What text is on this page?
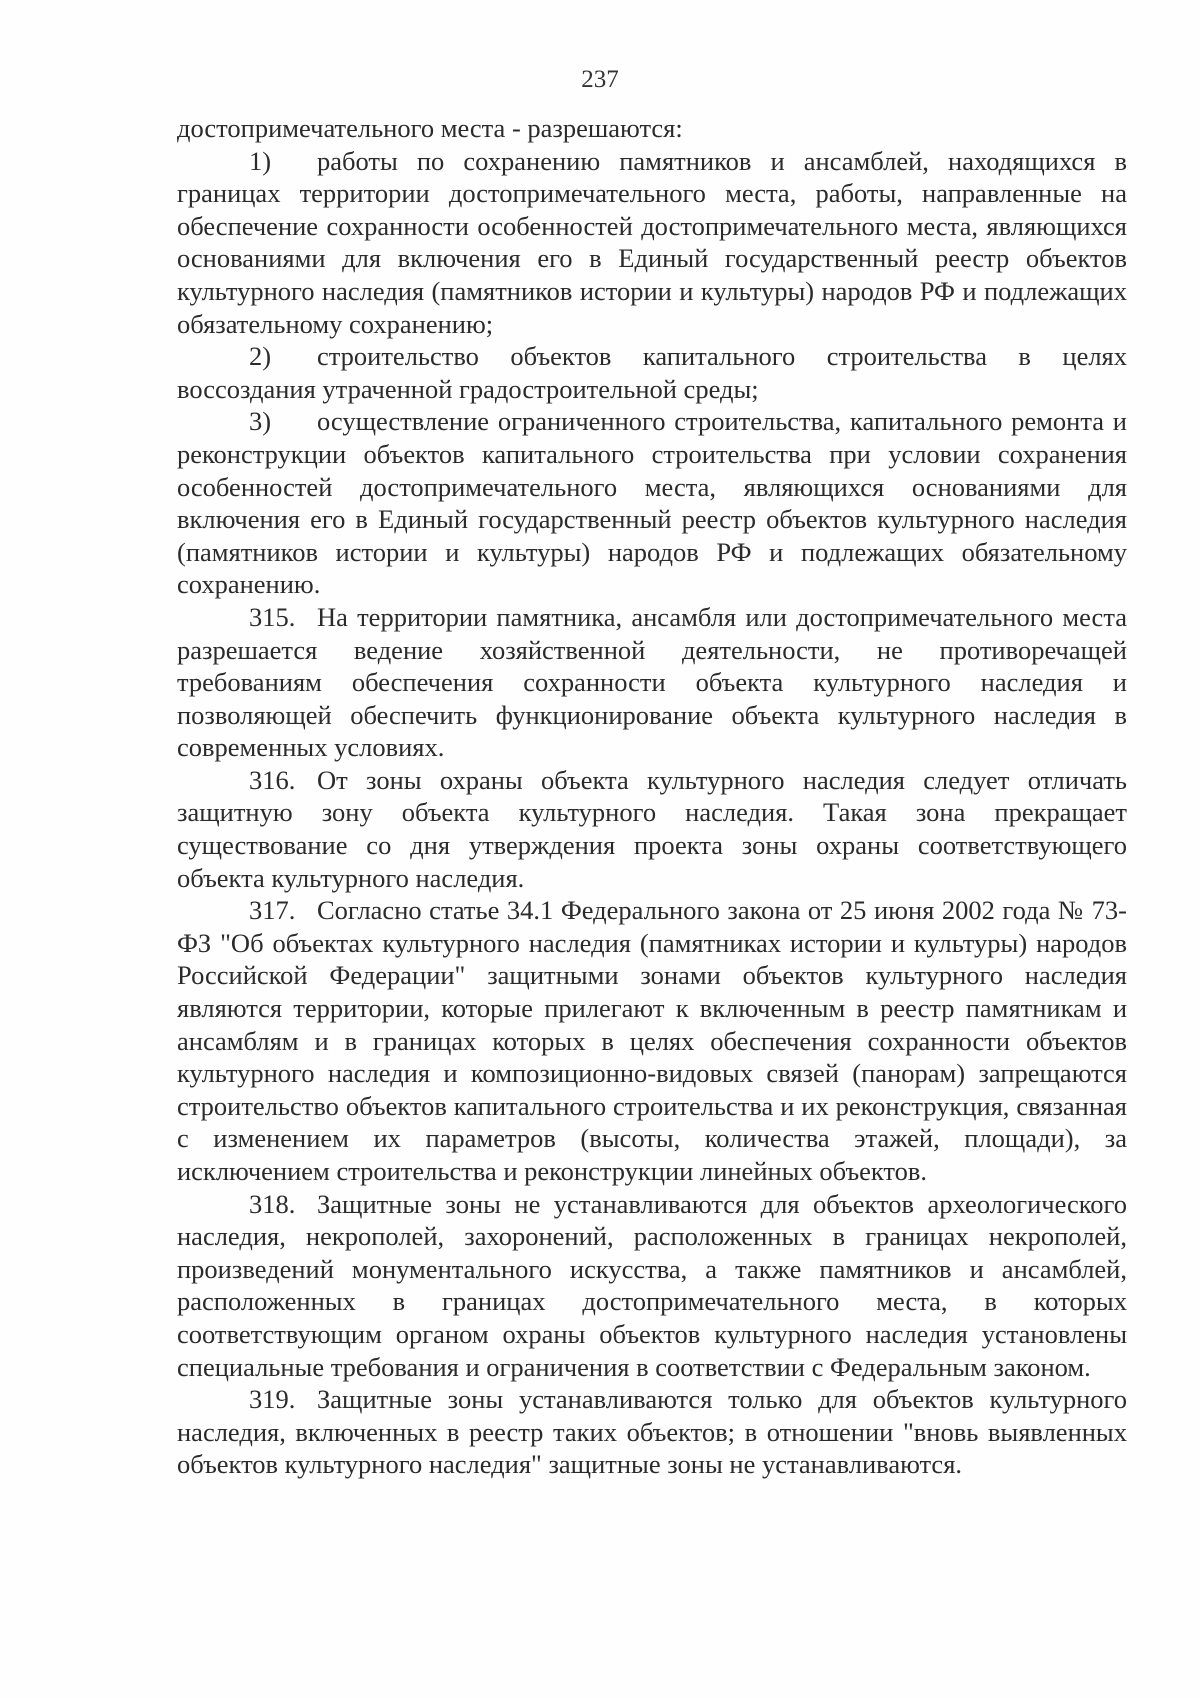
237

достопримечательного места - разрешаются:

1) работы по сохранению памятников и ансамблей, находящихся в границах территории достопримечательного места, работы, направленные на обеспечение сохранности особенностей достопримечательного места, являющихся основаниями для включения его в Единый государственный реестр объектов культурного наследия (памятников истории и культуры) народов РФ и подлежащих обязательному сохранению;

2) строительство объектов капитального строительства в целях воссоздания утраченной градостроительной среды;

3) осуществление ограниченного строительства, капитального ремонта и реконструкции объектов капитального строительства при условии сохранения особенностей достопримечательного места, являющихся основаниями для включения его в Единый государственный реестр объектов культурного наследия (памятников истории и культуры) народов РФ и подлежащих обязательному сохранению.

315. На территории памятника, ансамбля или достопримечательного места разрешается ведение хозяйственной деятельности, не противоречащей требованиям обеспечения сохранности объекта культурного наследия и позволяющей обеспечить функционирование объекта культурного наследия в современных условиях.

316. От зоны охраны объекта культурного наследия следует отличать защитную зону объекта культурного наследия. Такая зона прекращает существование со дня утверждения проекта зоны охраны соответствующего объекта культурного наследия.

317. Согласно статье 34.1 Федерального закона от 25 июня 2002 года № 73-ФЗ "Об объектах культурного наследия (памятниках истории и культуры) народов Российской Федерации" защитными зонами объектов культурного наследия являются территории, которые прилегают к включенным в реестр памятникам и ансамблям и в границах которых в целях обеспечения сохранности объектов культурного наследия и композиционно-видовых связей (панорам) запрещаются строительство объектов капитального строительства и их реконструкция, связанная с изменением их параметров (высоты, количества этажей, площади), за исключением строительства и реконструкции линейных объектов.

318. Защитные зоны не устанавливаются для объектов археологического наследия, некрополей, захоронений, расположенных в границах некрополей, произведений монументального искусства, а также памятников и ансамблей, расположенных в границах достопримечательного места, в которых соответствующим органом охраны объектов культурного наследия установлены специальные требования и ограничения в соответствии с Федеральным законом.

319. Защитные зоны устанавливаются только для объектов культурного наследия, включенных в реестр таких объектов; в отношении "вновь выявленных объектов культурного наследия" защитные зоны не устанавливаются.
